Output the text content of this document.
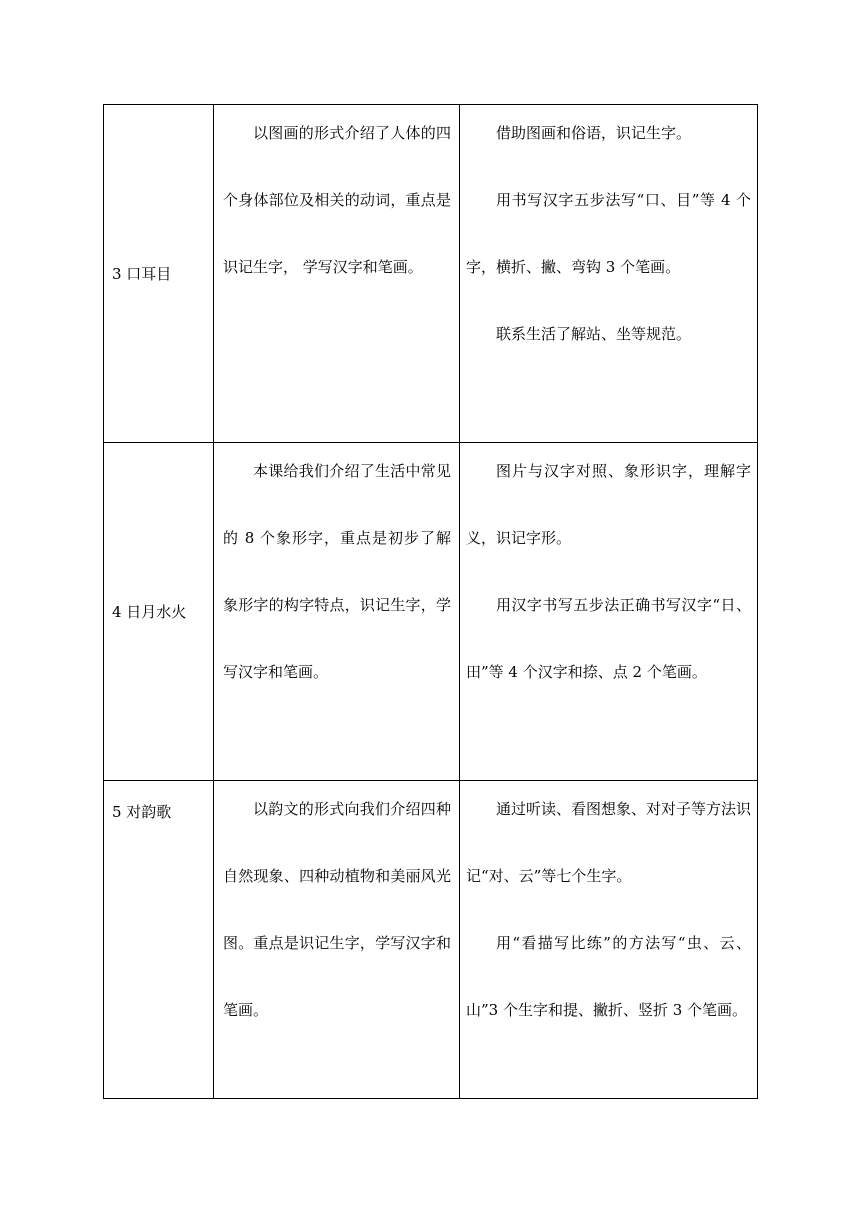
3 口耳目	以图画的形式介绍了人体的四个身体部位及相关的动词，重点是识记生字， 学写汉字和笔画。	借助图画和俗语，识记生字。

用书写汉字五步法写“口、目”等 4 个字，横折、撇、弯钩 3 个笔画。

联系生活了解站、坐等规范。

4 日月水火	本课给我们介绍了生活中常见的 8 个象形字，重点是初步了解象形字的构字特点，识记生字，学写汉字和笔画。	图片与汉字对照、象形识字，理解字义，识记字形。

用汉字书写五步法正确书写汉字“日、田”等 4 个汉字和捺、点 2 个笔画。

5 对韵歌	以韵文的形式向我们介绍四种自然现象、四种动植物和美丽风光图。重点是识记生字，学写汉字和笔画。	通过听读、看图想象、对对子等方法识记“对、云”等七个生字。

用“看描写比练”的方法写“虫、云、山”3 个生字和提、撇折、竖折 3 个笔画。
